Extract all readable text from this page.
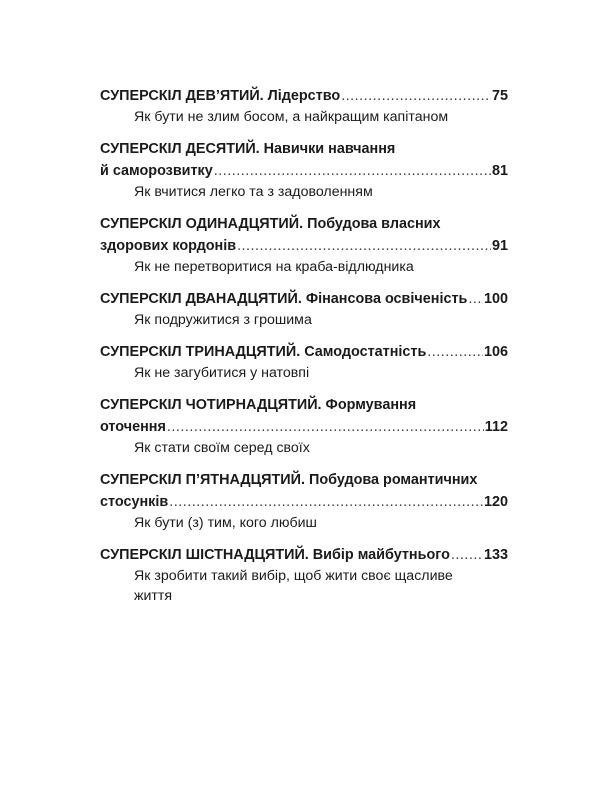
СУПЕРСКІЛ ДЕВ’ЯТИЙ. Лідерство .....	75
Як бути не злим босом, а найкращим капітаном
СУПЕРСКІЛ ДЕСЯТИЙ. Навички навчання
й саморозвитку .....	81
Як вчитися легко та з задоволенням
СУПЕРСКІЛ ОДИНАДЦЯТИЙ. Побудова власних
здорових кордонів .....	91
Як не перетворитися на краба-відлюдника
СУПЕРСКІЛ ДВАНАДЦЯТИЙ. Фінансова освіченість ..... 100
Як подружитися з грошима
СУПЕРСКІЛ ТРИНАДЦЯТИЙ. Самодостатність .....	106
Як не загубитися у натовпі
СУПЕРСКІЛ ЧОТИРНАДЦЯТИЙ. Формування
оточення .....	112
Як стати своїм серед своїх
СУПЕРСКІЛ П’ЯТНАДЦЯТИЙ. Побудова романтичних
стосунків .....	120
Як бути (з) тим, кого любиш
СУПЕРСКІЛ ШІСТНАДЦЯТИЙ. Вибір майбутнього ..... 133
Як зробити такий вибір, щоб жити своє щасливе життя
